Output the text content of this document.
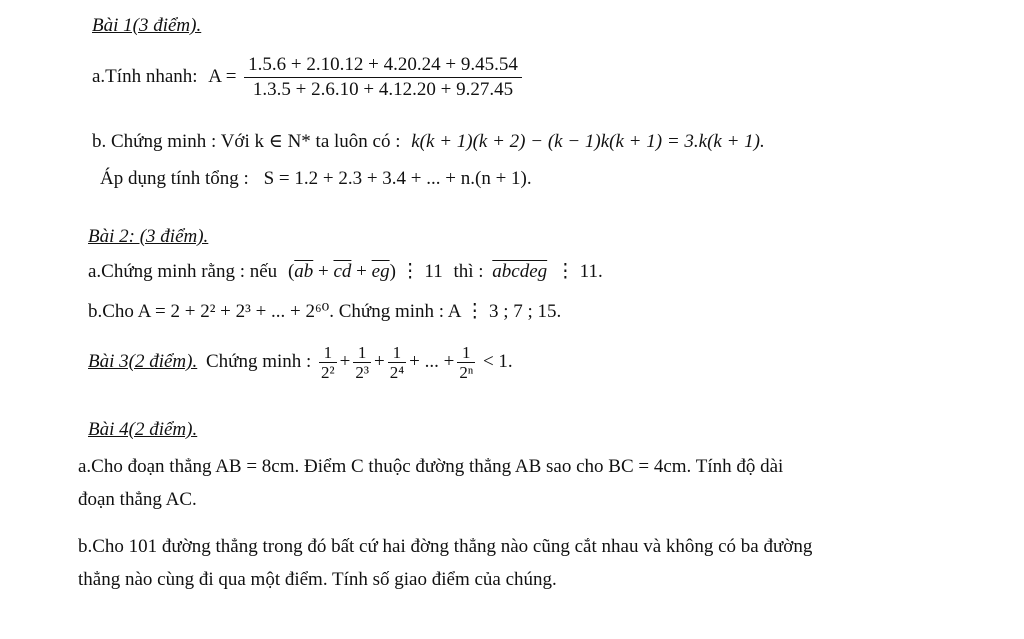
Bài 1(3 điểm).
a.Tính nhanh: $A = \frac{1.5.6 + 2.10.12 + 4.20.24 + 9.45.54}{1.3.5 + 2.6.10 + 4.12.20 + 9.27.45}$
b. Chứng minh : Với k ∈ N* ta luôn có : k(k + 1)(k + 2) − (k − 1)k(k + 1) = 3.k(k + 1).
Áp dụng tính tổng : S = 1.2 + 2.3 + 3.4 + ... + n.(n + 1).
Bài 2: (3 điểm).
a.Chứng minh rằng : nếu $(\overline{ab} + \overline{cd} + \overline{eg})$ ⋮ 11 thì : abcdeg ⋮ 11.
b.Cho A = 2 + 2² + 2³ + ... + 2⁶⁰. Chứng minh : A ⋮ 3 ; 7 ; 15.
Bài 3(2 điểm). Chứng minh : $\frac{1}{\text{2²}} + \frac{1}{\text{2³}} + \frac{1}{\text{2⁴}}$ + ... + $\frac{1}{\text{2ⁿ}} < 1$.
Bài 4(2 điểm).
a.Cho đoạn thẳng AB = 8cm. Điểm C thuộc đường thẳng AB sao cho BC = 4cm. Tính độ dài
đoạn thẳng AC.
b.Cho 101 đường thẳng trong đó bất cứ hai đờng thẳng nào cũng cắt nhau và không có ba đường
thẳng nào cùng đi qua một điểm. Tính số giao điểm của chúng.
